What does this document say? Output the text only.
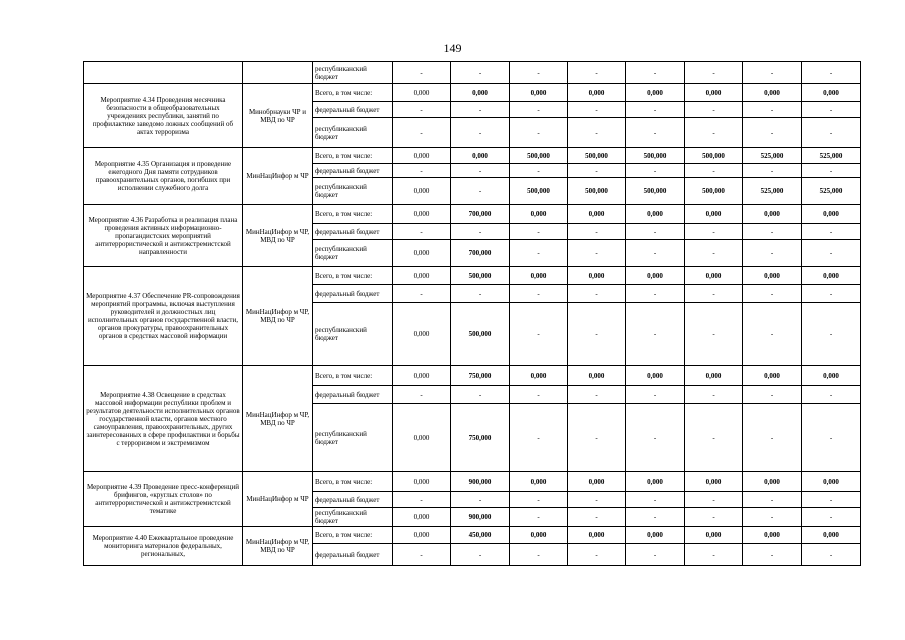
149
		республиканский бюджет	-	-	-	-	-	-	-	-
Мероприятие 4.34 Проведения месячника безопасности в общеобразовательных учреждениях республики, занятий по профилактике заведомо ложных сообщений об актах терроризма	Минобрнауки ЧР и МВД по ЧР	Всего, в том числе:	0,000	0,000	0,000	0,000	0,000	0,000	0,000	0,000
		федеральный бюджет	-	-	-	-	-	-	-	-
		республиканский бюджет	-	-	-	-	-	-	-	-
Мероприятие 4.35 Организация и проведение ежегодного Дня памяти сотрудников правоохранительных органов, погибших при исполнении служебного долга	МинНацИнфор м ЧР	Всего, в том числе:	0,000	0,000	500,000	500,000	500,000	500,000	525,000	525,000
		федеральный бюджет	-	-	-	-	-	-	-	-
		республиканский бюджет	0,000	-	500,000	500,000	500,000	500,000	525,000	525,000
Мероприятие 4.36 Разработка и реализация плана проведения активных информационно-пропагандистских мероприятий антитеррористической и антиэкстремистской направленности	МинНацИнфор м ЧР, МВД по ЧР	Всего, в том числе:	0,000	700,000	0,000	0,000	0,000	0,000	0,000	0,000
		федеральный бюджет	-	-	-	-	-	-	-	-
		республиканский бюджет	0,000	700,000	-	-	-	-	-	-
Мероприятие 4.37 Обеспечение PR-сопровождения мероприятий программы, включая выступления руководителей и должностных лиц исполнительных органов государственной власти, органов прокуратуры, правоохранительных органов в средствах массовой информации	МинНацИнфор м ЧР, МВД по ЧР	Всего, в том числе:	0,000	500,000	0,000	0,000	0,000	0,000	0,000	0,000
		федеральный бюджет	-	-	-	-	-	-	-	-
		республиканский бюджет	0,000	500,000	-	-	-	-	-	-
Мероприятие 4.38 Освещение в средствах массовой информации республики проблем и результатов деятельности исполнительных органов государственной власти, органов местного самоуправления, правоохранительных, других заинтересованных в сфере профилактики и борьбы с терроризмом и экстремизмом	МинНацИнфор м ЧР, МВД по ЧР	Всего, в том числе:	0,000	750,000	0,000	0,000	0,000	0,000	0,000	0,000
		федеральный бюджет	-	-	-	-	-	-	-	-
		республиканский бюджет	0,000	750,000	-	-	-	-	-	-
Мероприятие 4.39 Проведение пресс-конференций брифингов, «круглых столов» по антитеррористической и антиэкстремистской тематике	МинНацИнфор м ЧР	Всего, в том числе:	0,000	900,000	0,000	0,000	0,000	0,000	0,000	0,000
		федеральный бюджет	-	-	-	-	-	-	-	-
		республиканский бюджет	0,000	900,000	-	-	-	-	-	-
Мероприятие 4.40 Ежеквартальное проведение мониторинга материалов федеральных, региональных,	МинНацИнфор м ЧР, МВД по ЧР	Всего, в том числе:	0,000	450,000	0,000	0,000	0,000	0,000	0,000	0,000
		федеральный бюджет	-	-	-	-	-	-	-	-
